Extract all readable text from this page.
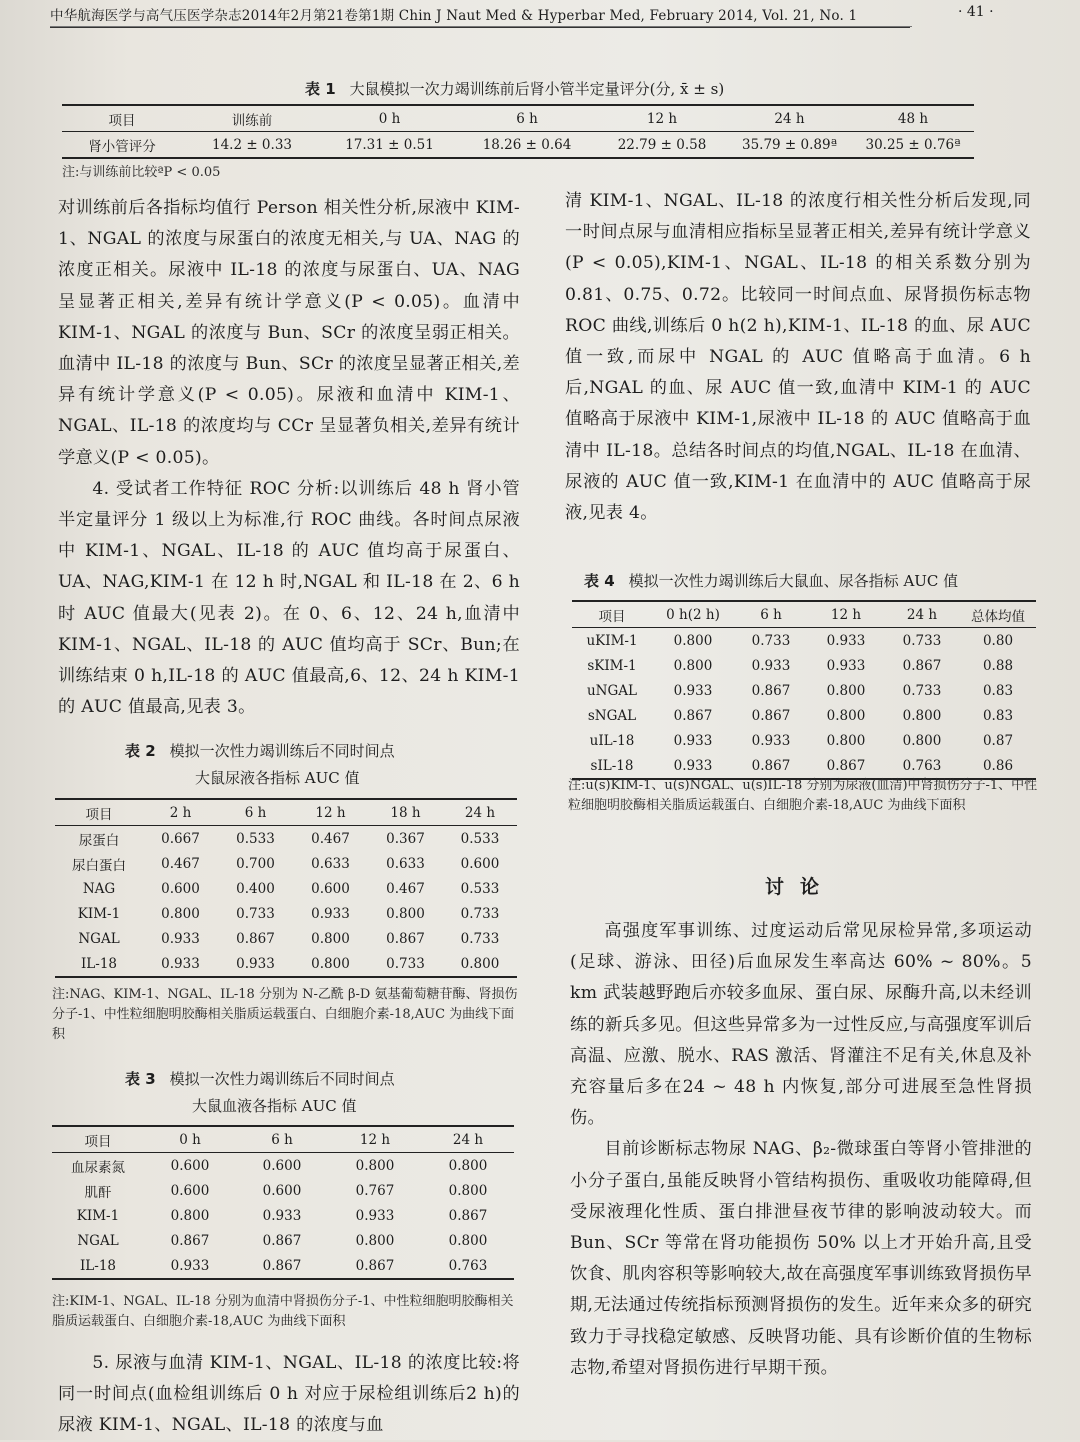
中华航海医学与高气压医学杂志2014年2月第21卷第1期 Chin J Naut Med & Hyperbar Med, February 2014, Vol. 21, No. 1	· 41 ·
表 1 大鼠模拟一次力竭训练前后肾小管半定量评分(分, x̄ ± s)
项目	训练前	0 h	6 h	12 h	24 h	48 h
肾小管评分	14.2 ± 0.33	17.31 ± 0.51	18.26 ± 0.64	22.79 ± 0.58	35.79 ± 0.89ª	30.25 ± 0.76ª
注:与训练前比较ªP < 0.05

对训练前后各指标均值行 Person 相关性分析,尿液中 KIM-1、NGAL 的浓度与尿蛋白的浓度无相关,与 UA、NAG 的浓度正相关。尿液中 IL-18 的浓度与尿蛋白、UA、NAG 呈显著正相关,差异有统计学意义(P < 0.05)。血清中 KIM-1、NGAL 的浓度与 Bun、SCr 的浓度呈弱正相关。血清中 IL-18 的浓度与 Bun、SCr 的浓度呈显著正相关,差异有统计学意义(P < 0.05)。尿液和血清中 KIM-1、NGAL、IL-18 的浓度均与 CCr 呈显著负相关,差异有统计学意义(P < 0.05)。

4. 受试者工作特征 ROC 分析:以训练后 48 h 肾小管半定量评分 1 级以上为标准,行 ROC 曲线。各时间点尿液中 KIM-1、NGAL、IL-18 的 AUC 值均高于尿蛋白、UA、NAG,KIM-1 在 12 h 时,NGAL 和 IL-18 在 2、6 h 时 AUC 值最大(见表 2)。在 0、6、12、24 h,血清中 KIM-1、NGAL、IL-18 的 AUC 值均高于 SCr、Bun;在训练结束 0 h,IL-18 的 AUC 值最高,6、12、24 h KIM-1 的 AUC 值最高,见表 3。

表 2 模拟一次性力竭训练后不同时间点
大鼠尿液各指标 AUC 值
项目	2 h	6 h	12 h	18 h	24 h
尿蛋白	0.667	0.533	0.467	0.367	0.533
尿白蛋白	0.467	0.700	0.633	0.633	0.600
NAG	0.600	0.400	0.600	0.467	0.533
KIM-1	0.800	0.733	0.933	0.800	0.733
NGAL	0.933	0.867	0.800	0.867	0.733
IL-18	0.933	0.933	0.800	0.733	0.800
注:NAG、KIM-1、NGAL、IL-18 分别为 N-乙酰 β-D 氨基葡萄糖苷酶、肾损伤分子-1、中性粒细胞明胶酶相关脂质运载蛋白、白细胞介素-18,AUC 为曲线下面积
表 3 模拟一次性力竭训练后不同时间点
大鼠血液各指标 AUC 值
项目	0 h	6 h	12 h	24 h
血尿素氮	0.600	0.600	0.800	0.800
肌酐	0.600	0.600	0.767	0.800
KIM-1	0.800	0.933	0.933	0.867
NGAL	0.867	0.867	0.800	0.800
IL-18	0.933	0.867	0.867	0.763
注:KIM-1、NGAL、IL-18 分别为血清中肾损伤分子-1、中性粒细胞明胶酶相关脂质运载蛋白、白细胞介素-18,AUC 为曲线下面积

5. 尿液与血清 KIM-1、NGAL、IL-18 的浓度比较:将同一时间点(血检组训练后 0 h 对应于尿检组训练后2 h)的尿液 KIM-1、NGAL、IL-18 的浓度与血

清 KIM-1、NGAL、IL-18 的浓度行相关性分析后发现,同一时间点尿与血清相应指标呈显著正相关,差异有统计学意义(P < 0.05),KIM-1、NGAL、IL-18 的相关系数分别为 0.81、0.75、0.72。比较同一时间点血、尿肾损伤标志物 ROC 曲线,训练后 0 h(2 h),KIM-1、IL-18 的血、尿 AUC 值一致,而尿中 NGAL 的 AUC 值略高于血清。6 h 后,NGAL 的血、尿 AUC 值一致,血清中 KIM-1 的 AUC 值略高于尿液中 KIM-1,尿液中 IL-18 的 AUC 值略高于血清中 IL-18。总结各时间点的均值,NGAL、IL-18 在血清、尿液的 AUC 值一致,KIM-1 在血清中的 AUC 值略高于尿液,见表 4。

表 4 模拟一次性力竭训练后大鼠血、尿各指标 AUC 值
项目	0 h(2 h)	6 h	12 h	24 h	总体均值
uKIM-1	0.800	0.733	0.933	0.733	0.80
sKIM-1	0.800	0.933	0.933	0.867	0.88
uNGAL	0.933	0.867	0.800	0.733	0.83
sNGAL	0.867	0.867	0.800	0.800	0.83
uIL-18	0.933	0.933	0.800	0.800	0.87
sIL-18	0.933	0.867	0.867	0.763	0.86
注:u(s)KIM-1、u(s)NGAL、u(s)IL-18 分别为尿液(血清)中肾损伤分子-1、中性粒细胞明胶酶相关脂质运载蛋白、白细胞介素-18,AUC 为曲线下面积
讨论

高强度军事训练、过度运动后常见尿检异常,多项运动(足球、游泳、田径)后血尿发生率高达 60% ~ 80%。5 km 武装越野跑后亦较多血尿、蛋白尿、尿酶升高,以未经训练的新兵多见。但这些异常多为一过性反应,与高强度军训后高温、应激、脱水、RAS 激活、肾灌注不足有关,休息及补充容量后多在24 ~ 48 h 内恢复,部分可进展至急性肾损伤。

目前诊断标志物尿 NAG、β₂-微球蛋白等肾小管排泄的小分子蛋白,虽能反映肾小管结构损伤、重吸收功能障碍,但受尿液理化性质、蛋白排泄昼夜节律的影响波动较大。而 Bun、SCr 等常在肾功能损伤 50% 以上才开始升高,且受饮食、肌肉容积等影响较大,故在高强度军事训练致肾损伤早期,无法通过传统指标预测肾损伤的发生。近年来众多的研究致力于寻找稳定敏感、反映肾功能、具有诊断价值的生物标志物,希望对肾损伤进行早期干预。
